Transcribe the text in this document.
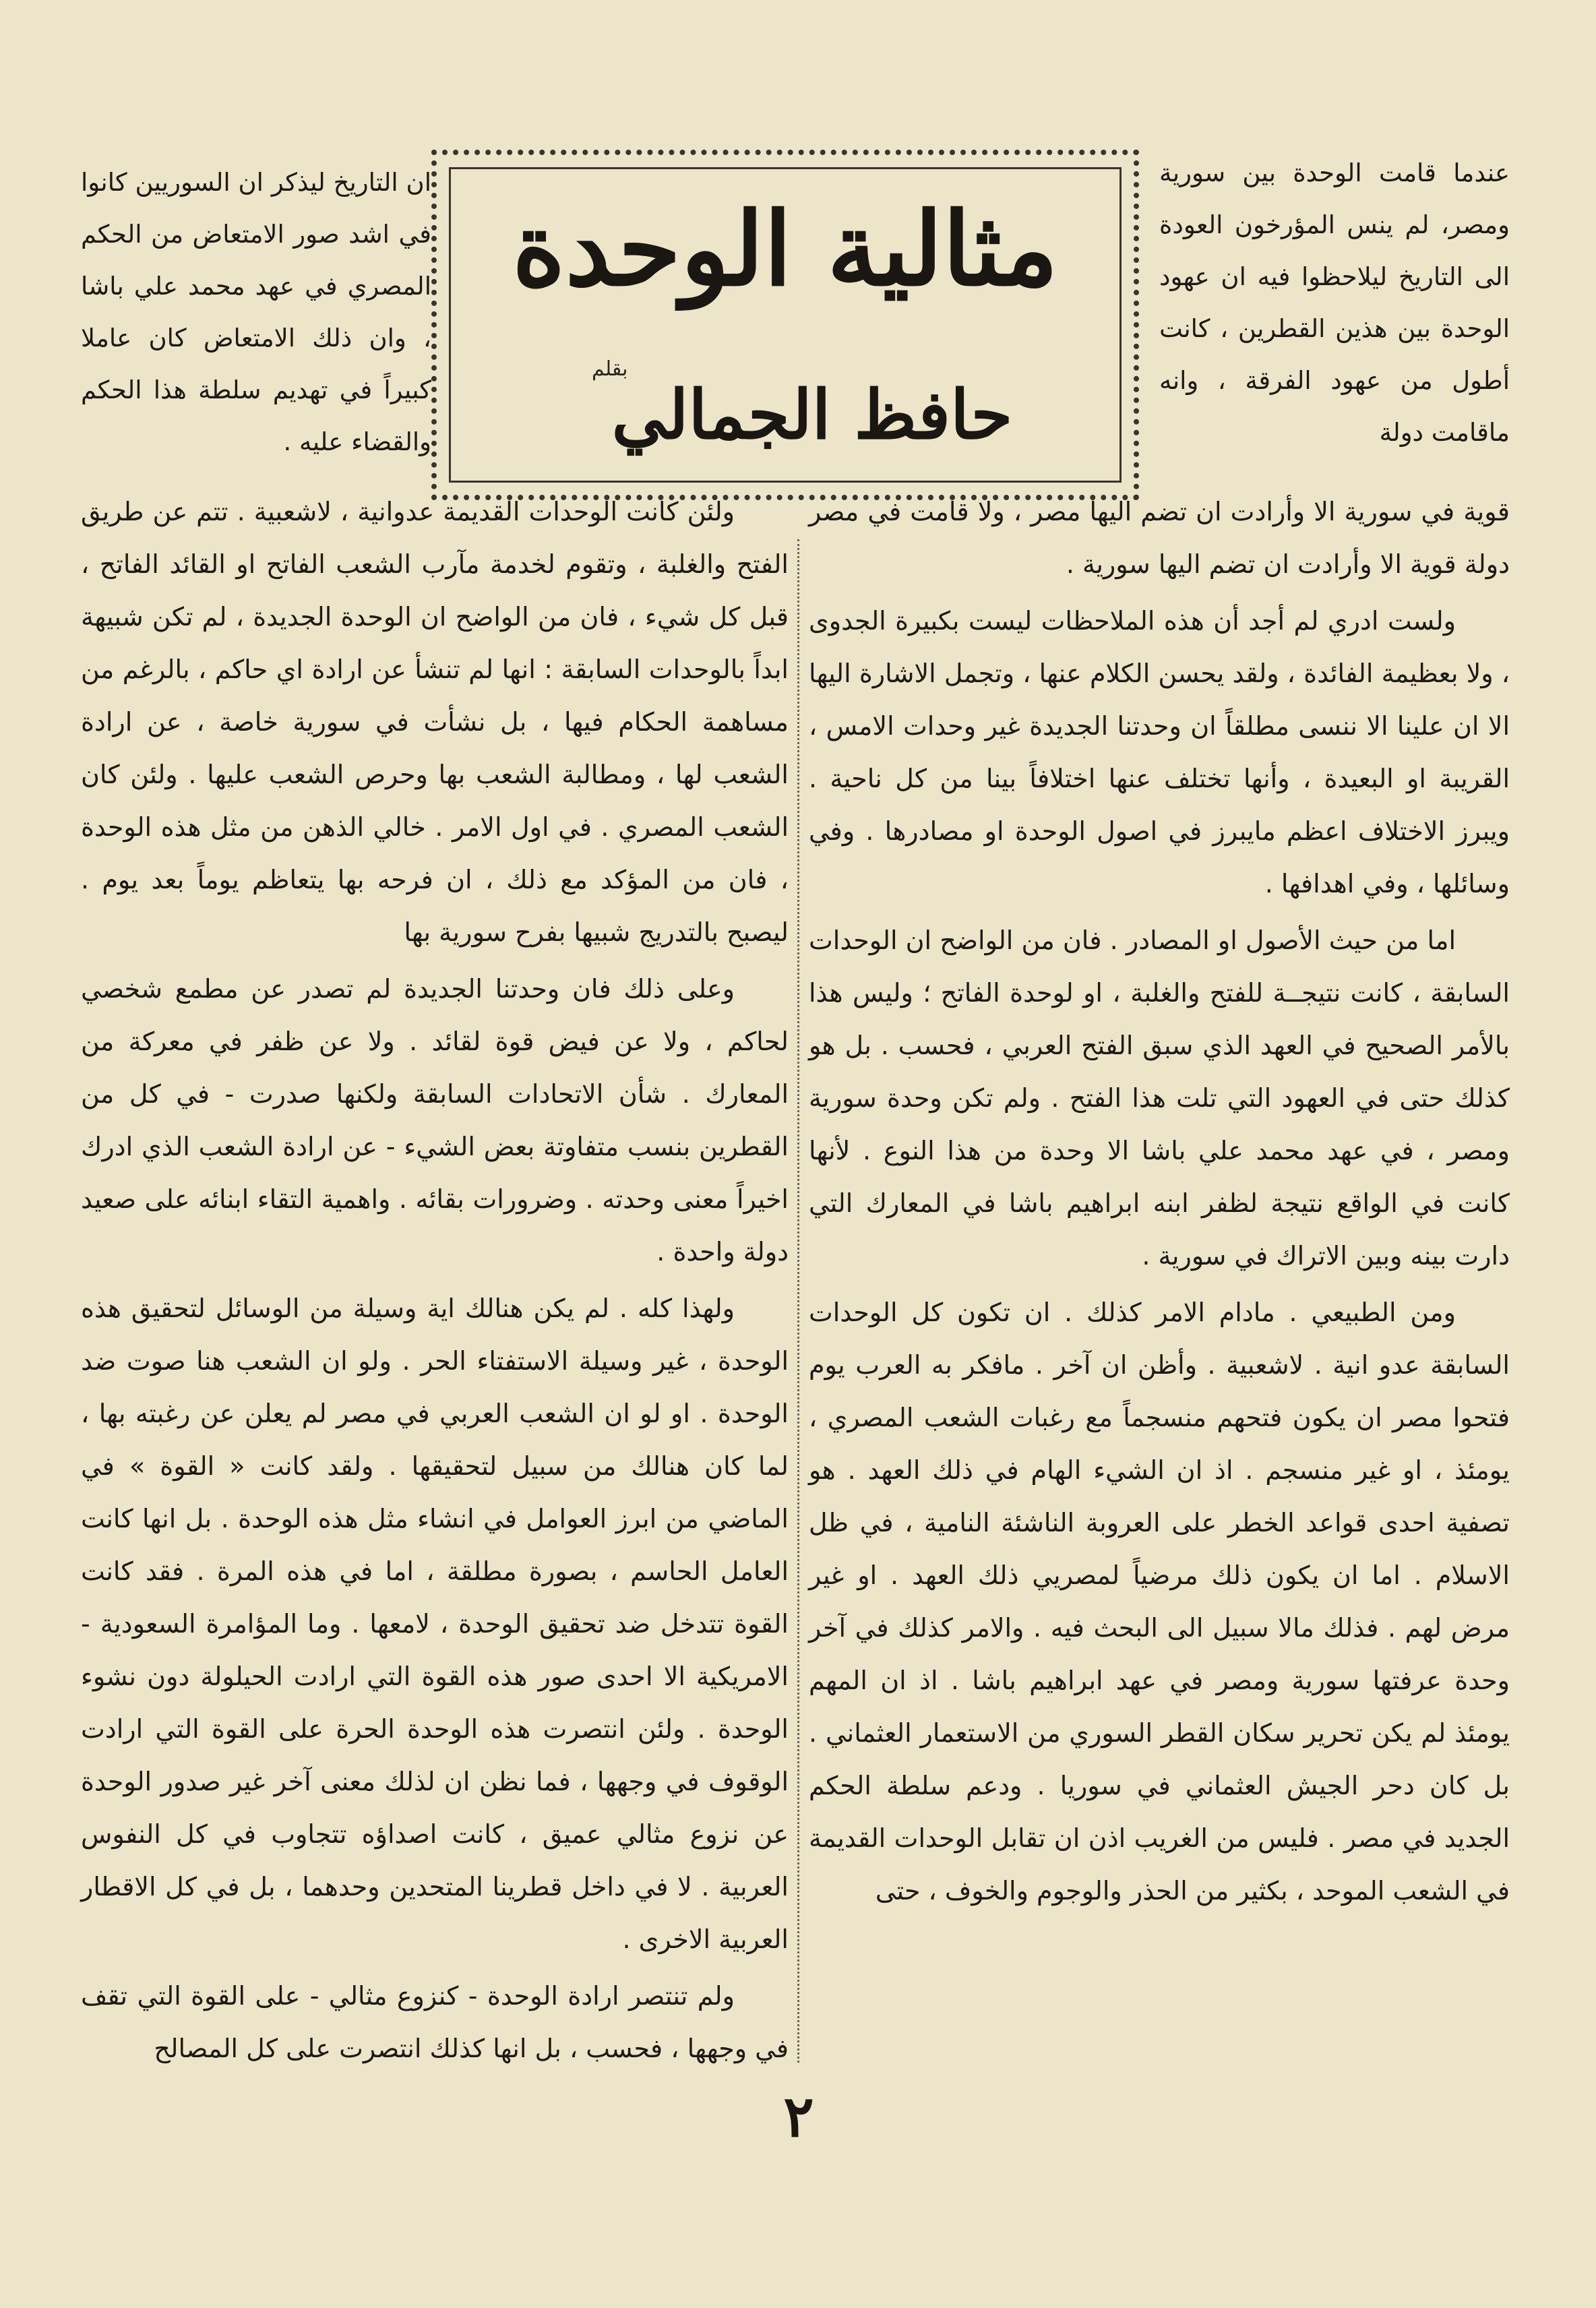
مثالية الوحدة
بقلم
حافظ الجمالي

عندما قامت الوحدة بين سورية ومصر، لم ينس المؤرخون العودة الى التاريخ ليلاحظوا فيه ان عهود الوحدة بين هذين القطرين ، كانت أطول من عهود الفرقة ، وانه ماقامت دولة

ان التاريخ ليذكر ان السوريين كانوا في اشد صور الامتعاض من الحكم المصري في عهد محمد علي باشا ، وان ذلك الامتعاض كان عاملا كبيراً في تهديم سلطة هذا الحكم والقضاء عليه .

قوية في سورية الا وأرادت ان تضم اليها مصر ، ولا قامت في مصر دولة قوية الا وأرادت ان تضم اليها سورية .

ولست ادري لم أجد أن هذه الملاحظات ليست بكبيرة الجدوى ، ولا بعظيمة الفائدة ، ولقد يحسن الكلام عنها ، وتجمل الاشارة اليها الا ان علينا الا ننسى مطلقاً ان وحدتنا الجديدة غير وحدات الامس ، القريبة او البعيدة ، وأنها تختلف عنها اختلافاً بينا من كل ناحية . ويبرز الاختلاف اعظم مايبرز في اصول الوحدة او مصادرها . وفي وسائلها ، وفي اهدافها .

اما من حيث الأصول او المصادر . فان من الواضح ان الوحدات السابقة ، كانت نتيجــة للفتح والغلبة ، او لوحدة الفاتح ؛ وليس هذا بالأمر الصحيح في العهد الذي سبق الفتح العربي ، فحسب . بل هو كذلك حتى في العهود التي تلت هذا الفتح . ولم تكن وحدة سورية ومصر ، في عهد محمد علي باشا الا وحدة من هذا النوع . لأنها كانت في الواقع نتيجة لظفر ابنه ابراهيم باشا في المعارك التي دارت بينه وبين الاتراك في سورية .

ومن الطبيعي . مادام الامر كذلك . ان تكون كل الوحدات السابقة عدو انية . لاشعبية . وأظن ان آخر . مافكر به العرب يوم فتحوا مصر ان يكون فتحهم منسجماً مع رغبات الشعب المصري ، يومئذ ، او غير منسجم . اذ ان الشيء الهام في ذلك العهد . هو تصفية احدى قواعد الخطر على العروبة الناشئة النامية ، في ظل الاسلام . اما ان يكون ذلك مرضياً لمصريي ذلك العهد . او غير مرض لهم . فذلك مالا سبيل الى البحث فيه . والامر كذلك في آخر وحدة عرفتها سورية ومصر في عهد ابراهيم باشا . اذ ان المهم يومئذ لم يكن تحرير سكان القطر السوري من الاستعمار العثماني . بل كان دحر الجيش العثماني في سوريا . ودعم سلطة الحكم الجديد في مصر . فليس من الغريب اذن ان تقابل الوحدات القديمة في الشعب الموحد ، بكثير من الحذر والوجوم والخوف ، حتى

ولئن كانت الوحدات القديمة عدوانية ، لاشعبية . تتم عن طريق الفتح والغلبة ، وتقوم لخدمة مآرب الشعب الفاتح او القائد الفاتح ، قبل كل شيء ، فان من الواضح ان الوحدة الجديدة ، لم تكن شبيهة ابداً بالوحدات السابقة : انها لم تنشأ عن ارادة اي حاكم ، بالرغم من مساهمة الحكام فيها ، بل نشأت في سورية خاصة ، عن ارادة الشعب لها ، ومطالبة الشعب بها وحرص الشعب عليها . ولئن كان الشعب المصري . في اول الامر . خالي الذهن من مثل هذه الوحدة ، فان من المؤكد مع ذلك ، ان فرحه بها يتعاظم يوماً بعد يوم . ليصبح بالتدريج شبيها بفرح سورية بها

وعلى ذلك فان وحدتنا الجديدة لم تصدر عن مطمع شخصي لحاكم ، ولا عن فيض قوة لقائد . ولا عن ظفر في معركة من المعارك . شأن الاتحادات السابقة ولكنها صدرت - في كل من القطرين بنسب متفاوتة بعض الشيء - عن ارادة الشعب الذي ادرك اخيراً معنى وحدته . وضرورات بقائه . واهمية التقاء ابنائه على صعيد دولة واحدة .

ولهذا كله . لم يكن هنالك اية وسيلة من الوسائل لتحقيق هذه الوحدة ، غير وسيلة الاستفتاء الحر . ولو ان الشعب هنا صوت ضد الوحدة . او لو ان الشعب العربي في مصر لم يعلن عن رغبته بها ، لما كان هنالك من سبيل لتحقيقها . ولقد كانت « القوة » في الماضي من ابرز العوامل في انشاء مثل هذه الوحدة . بل انها كانت العامل الحاسم ، بصورة مطلقة ، اما في هذه المرة . فقد كانت القوة تتدخل ضد تحقيق الوحدة ، لامعها . وما المؤامرة السعودية - الامريكية الا احدى صور هذه القوة التي ارادت الحيلولة دون نشوء الوحدة . ولئن انتصرت هذه الوحدة الحرة على القوة التي ارادت الوقوف في وجهها ، فما نظن ان لذلك معنى آخر غير صدور الوحدة عن نزوع مثالي عميق ، كانت اصداؤه تتجاوب في كل النفوس العربية . لا في داخل قطرينا المتحدين وحدهما ، بل في كل الاقطار العربية الاخرى .

ولم تنتصر ارادة الوحدة - كنزوع مثالي - على القوة التي تقف في وجهها ، فحسب ، بل انها كذلك انتصرت على كل المصالح

٢
